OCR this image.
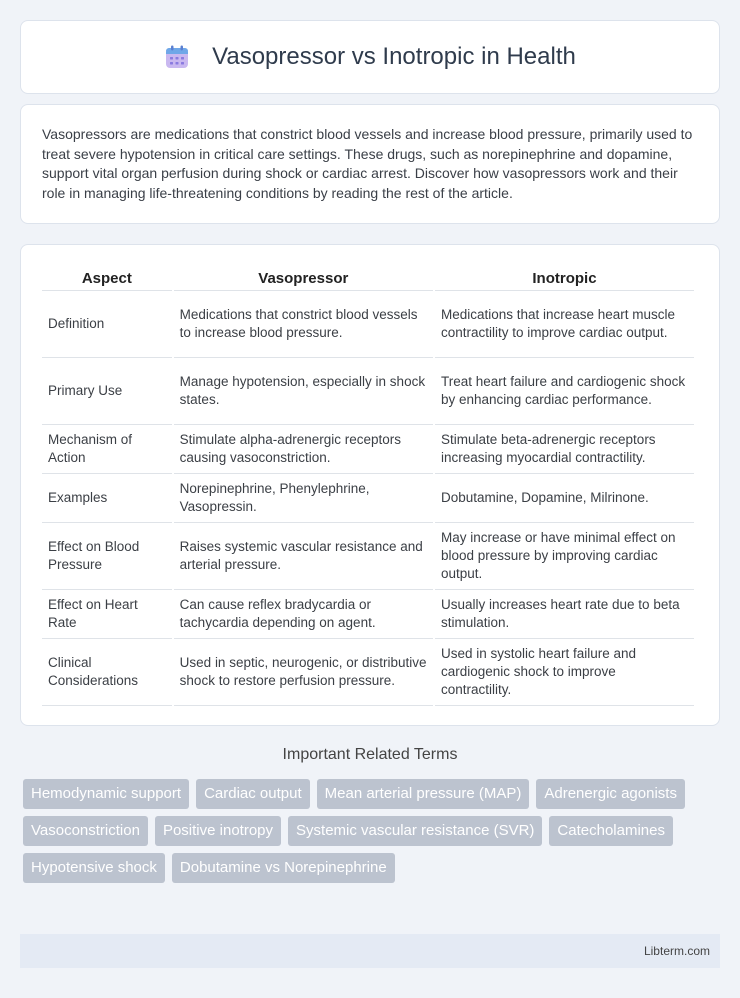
Vasopressor vs Inotropic in Health

Vasopressors are medications that constrict blood vessels and increase blood pressure, primarily used to treat severe hypotension in critical care settings. These drugs, such as norepinephrine and dopamine, support vital organ perfusion during shock or cardiac arrest. Discover how vasopressors work and their role in managing life-threatening conditions by reading the rest of the article.

Aspect	Vasopressor	Inotropic
Definition	Medications that constrict blood vessels to increase blood pressure.	Medications that increase heart muscle contractility to improve cardiac output.
Primary Use	Manage hypotension, especially in shock states.	Treat heart failure and cardiogenic shock by enhancing cardiac performance.
Mechanism of Action	Stimulate alpha-adrenergic receptors causing vasoconstriction.	Stimulate beta-adrenergic receptors increasing myocardial contractility.
Examples	Norepinephrine, Phenylephrine, Vasopressin.	Dobutamine, Dopamine, Milrinone.
Effect on Blood Pressure	Raises systemic vascular resistance and arterial pressure.	May increase or have minimal effect on blood pressure by improving cardiac output.
Effect on Heart Rate	Can cause reflex bradycardia or tachycardia depending on agent.	Usually increases heart rate due to beta stimulation.
Clinical Considerations	Used in septic, neurogenic, or distributive shock to restore perfusion pressure.	Used in systolic heart failure and cardiogenic shock to improve contractility.
Important Related Terms
Hemodynamic support	Cardiac output	Mean arterial pressure (MAP)	Adrenergic agonists
Vasoconstriction	Positive inotropy	Systemic vascular resistance (SVR)	Catecholamines
Hypotensive shock	Dobutamine vs Norepinephrine
Libterm.com
